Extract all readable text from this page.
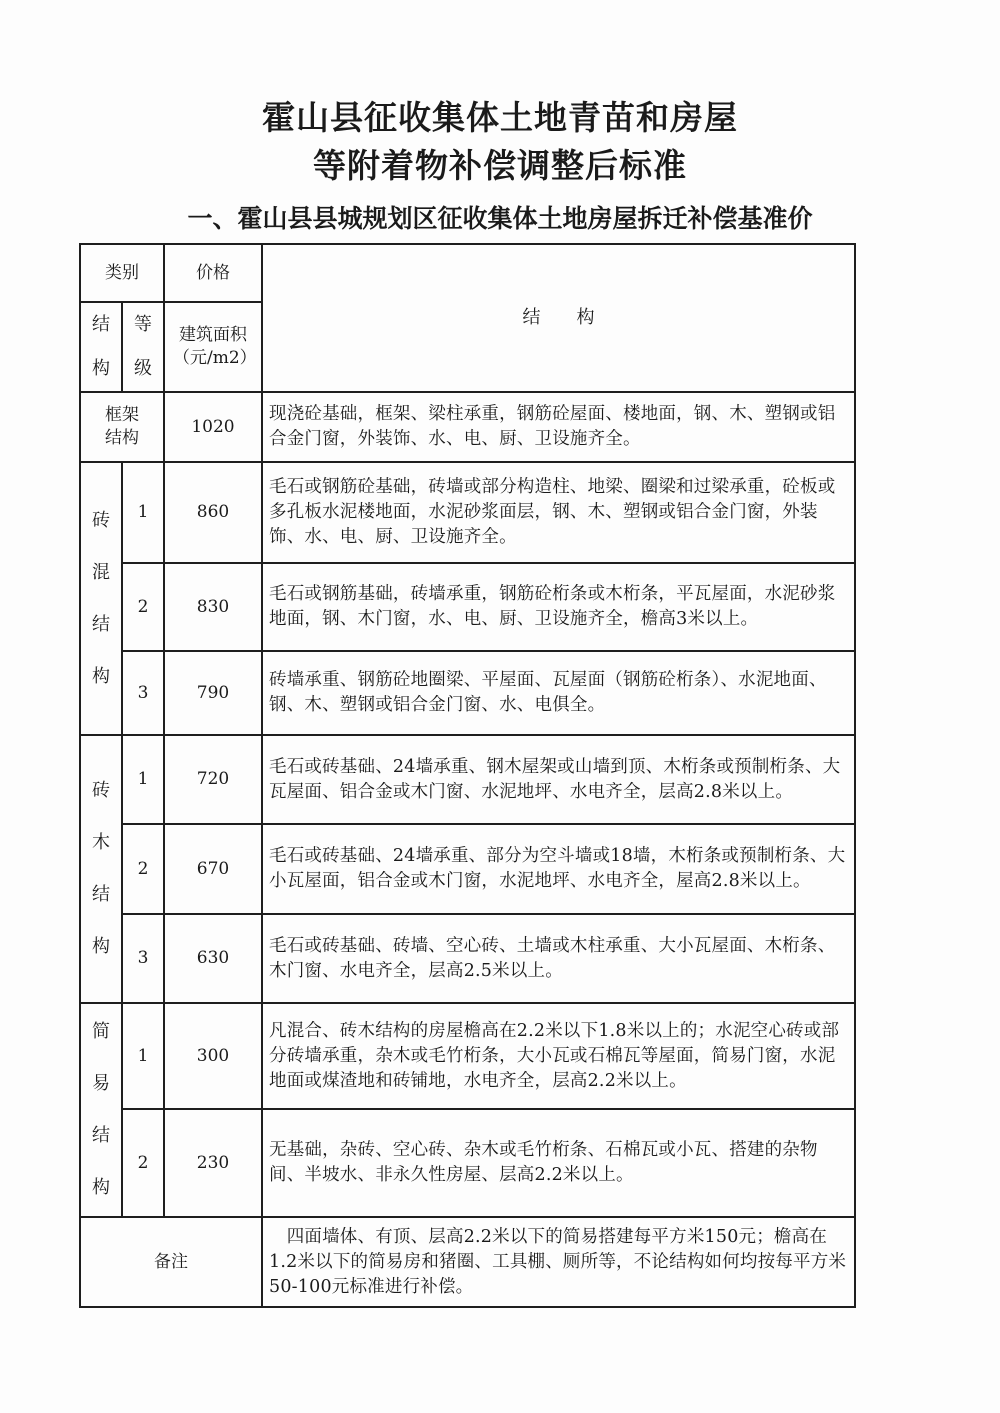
霍山县征收集体土地青苗和房屋
等附着物补偿调整后标准
一、霍山县县城规划区征收集体土地房屋拆迁补偿基准价
类别		价格	结　　构
结构	等级	建筑面积（元/m2）	
框架结构		1020	现浇砼基础，框架、梁柱承重，钢筋砼屋面、楼地面，钢、木、塑钢或铝合金门窗，外装饰、水、电、厨、卫设施齐全。
砖混结构	1	860	毛石或钢筋砼基础，砖墙或部分构造柱、地梁、圈梁和过梁承重，砼板或多孔板水泥楼地面，水泥砂浆面层，钢、木、塑钢或铝合金门窗，外装饰、水、电、厨、卫设施齐全。
	2	830	毛石或钢筋基础，砖墙承重，钢筋砼桁条或木桁条，平瓦屋面，水泥砂浆地面，钢、木门窗，水、电、厨、卫设施齐全，檐高3米以上。
	3	790	砖墙承重、钢筋砼地圈梁、平屋面、瓦屋面（钢筋砼桁条）、水泥地面、钢、木、塑钢或铝合金门窗、水、电俱全。
砖木结构	1	720	毛石或砖基础、24墙承重、钢木屋架或山墙到顶、木桁条或预制桁条、大瓦屋面、铝合金或木门窗、水泥地坪、水电齐全，层高2.8米以上。
	2	670	毛石或砖基础、24墙承重、部分为空斗墙或18墙，木桁条或预制桁条、大小瓦屋面，铝合金或木门窗，水泥地坪、水电齐全，屋高2.8米以上。
	3	630	毛石或砖基础、砖墙、空心砖、土墙或木柱承重、大小瓦屋面、木桁条、木门窗、水电齐全，层高2.5米以上。
简易结构	1	300	凡混合、砖木结构的房屋檐高在2.2米以下1.8米以上的；水泥空心砖或部分砖墙承重，杂木或毛竹桁条，大小瓦或石棉瓦等屋面，简易门窗，水泥地面或煤渣地和砖铺地，水电齐全，层高2.2米以上。
	2	230	无基础，杂砖、空心砖、杂木或毛竹桁条、石棉瓦或小瓦、搭建的杂物间、半坡水、非永久性房屋、层高2.2米以上。
备注			　四面墙体、有顶、层高2.2米以下的简易搭建每平方米150元；檐高在1.2米以下的简易房和猪圈、工具棚、厕所等，不论结构如何均按每平方米50-100元标准进行补偿。
